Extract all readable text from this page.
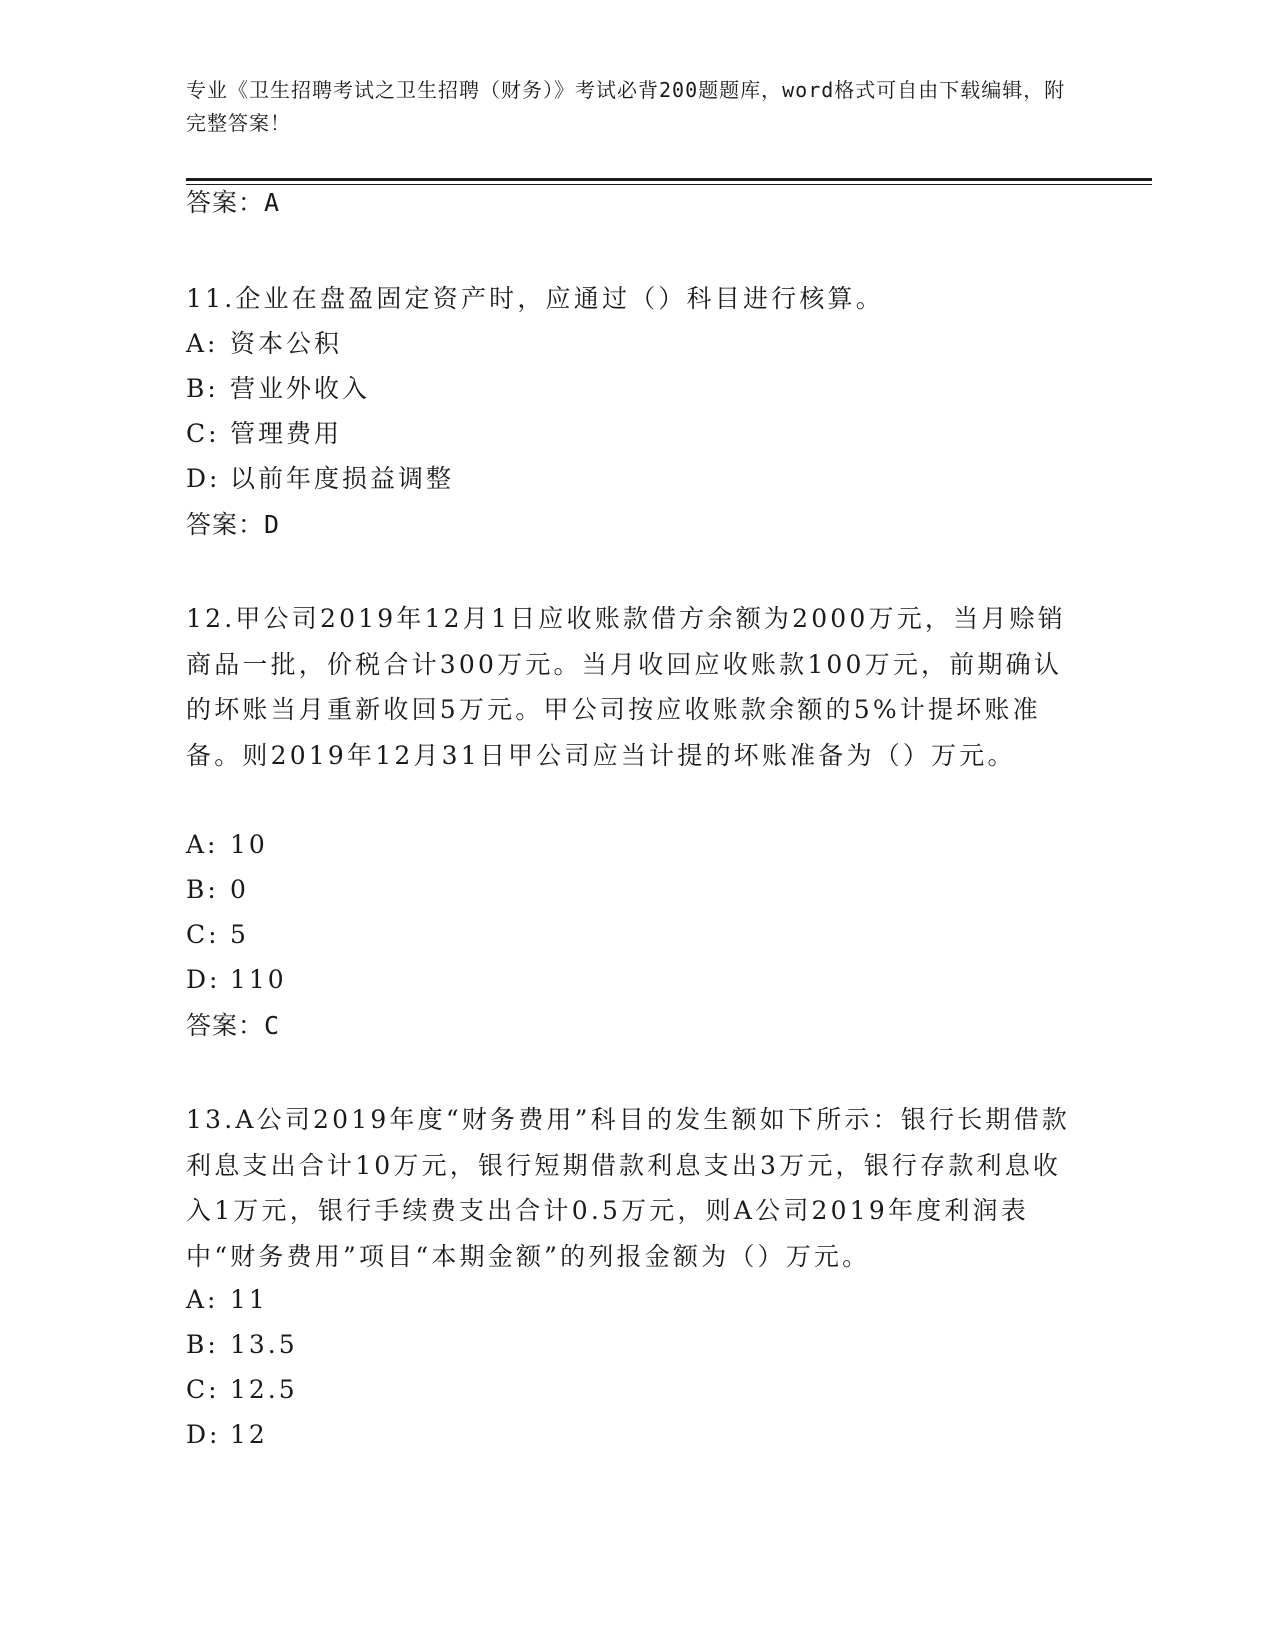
专业《卫生招聘考试之卫生招聘（财务）》考试必背200题题库，word格式可自由下载编辑，附完整答案！
答案：A
11.企业在盘盈固定资产时，应通过（）科目进行核算。
A: 资本公积
B: 营业外收入
C: 管理费用
D: 以前年度损益调整
答案：D
12.甲公司2019年12月1日应收账款借方余额为2000万元，当月赊销商品一批，价税合计300万元。当月收回应收账款100万元，前期确认的坏账当月重新收回5万元。甲公司按应收账款余额的5%计提坏账准备。则2019年12月31日甲公司应当计提的坏账准备为（）万元。
A: 10
B: 0
C: 5
D: 110
答案：C
13.A公司2019年度“财务费用”科目的发生额如下所示：银行长期借款利息支出合计10万元，银行短期借款利息支出3万元，银行存款利息收入1万元，银行手续费支出合计0.5万元，则A公司2019年度利润表中“财务费用”项目“本期金额”的列报金额为（）万元。
A: 11
B: 13.5
C: 12.5
D: 12
